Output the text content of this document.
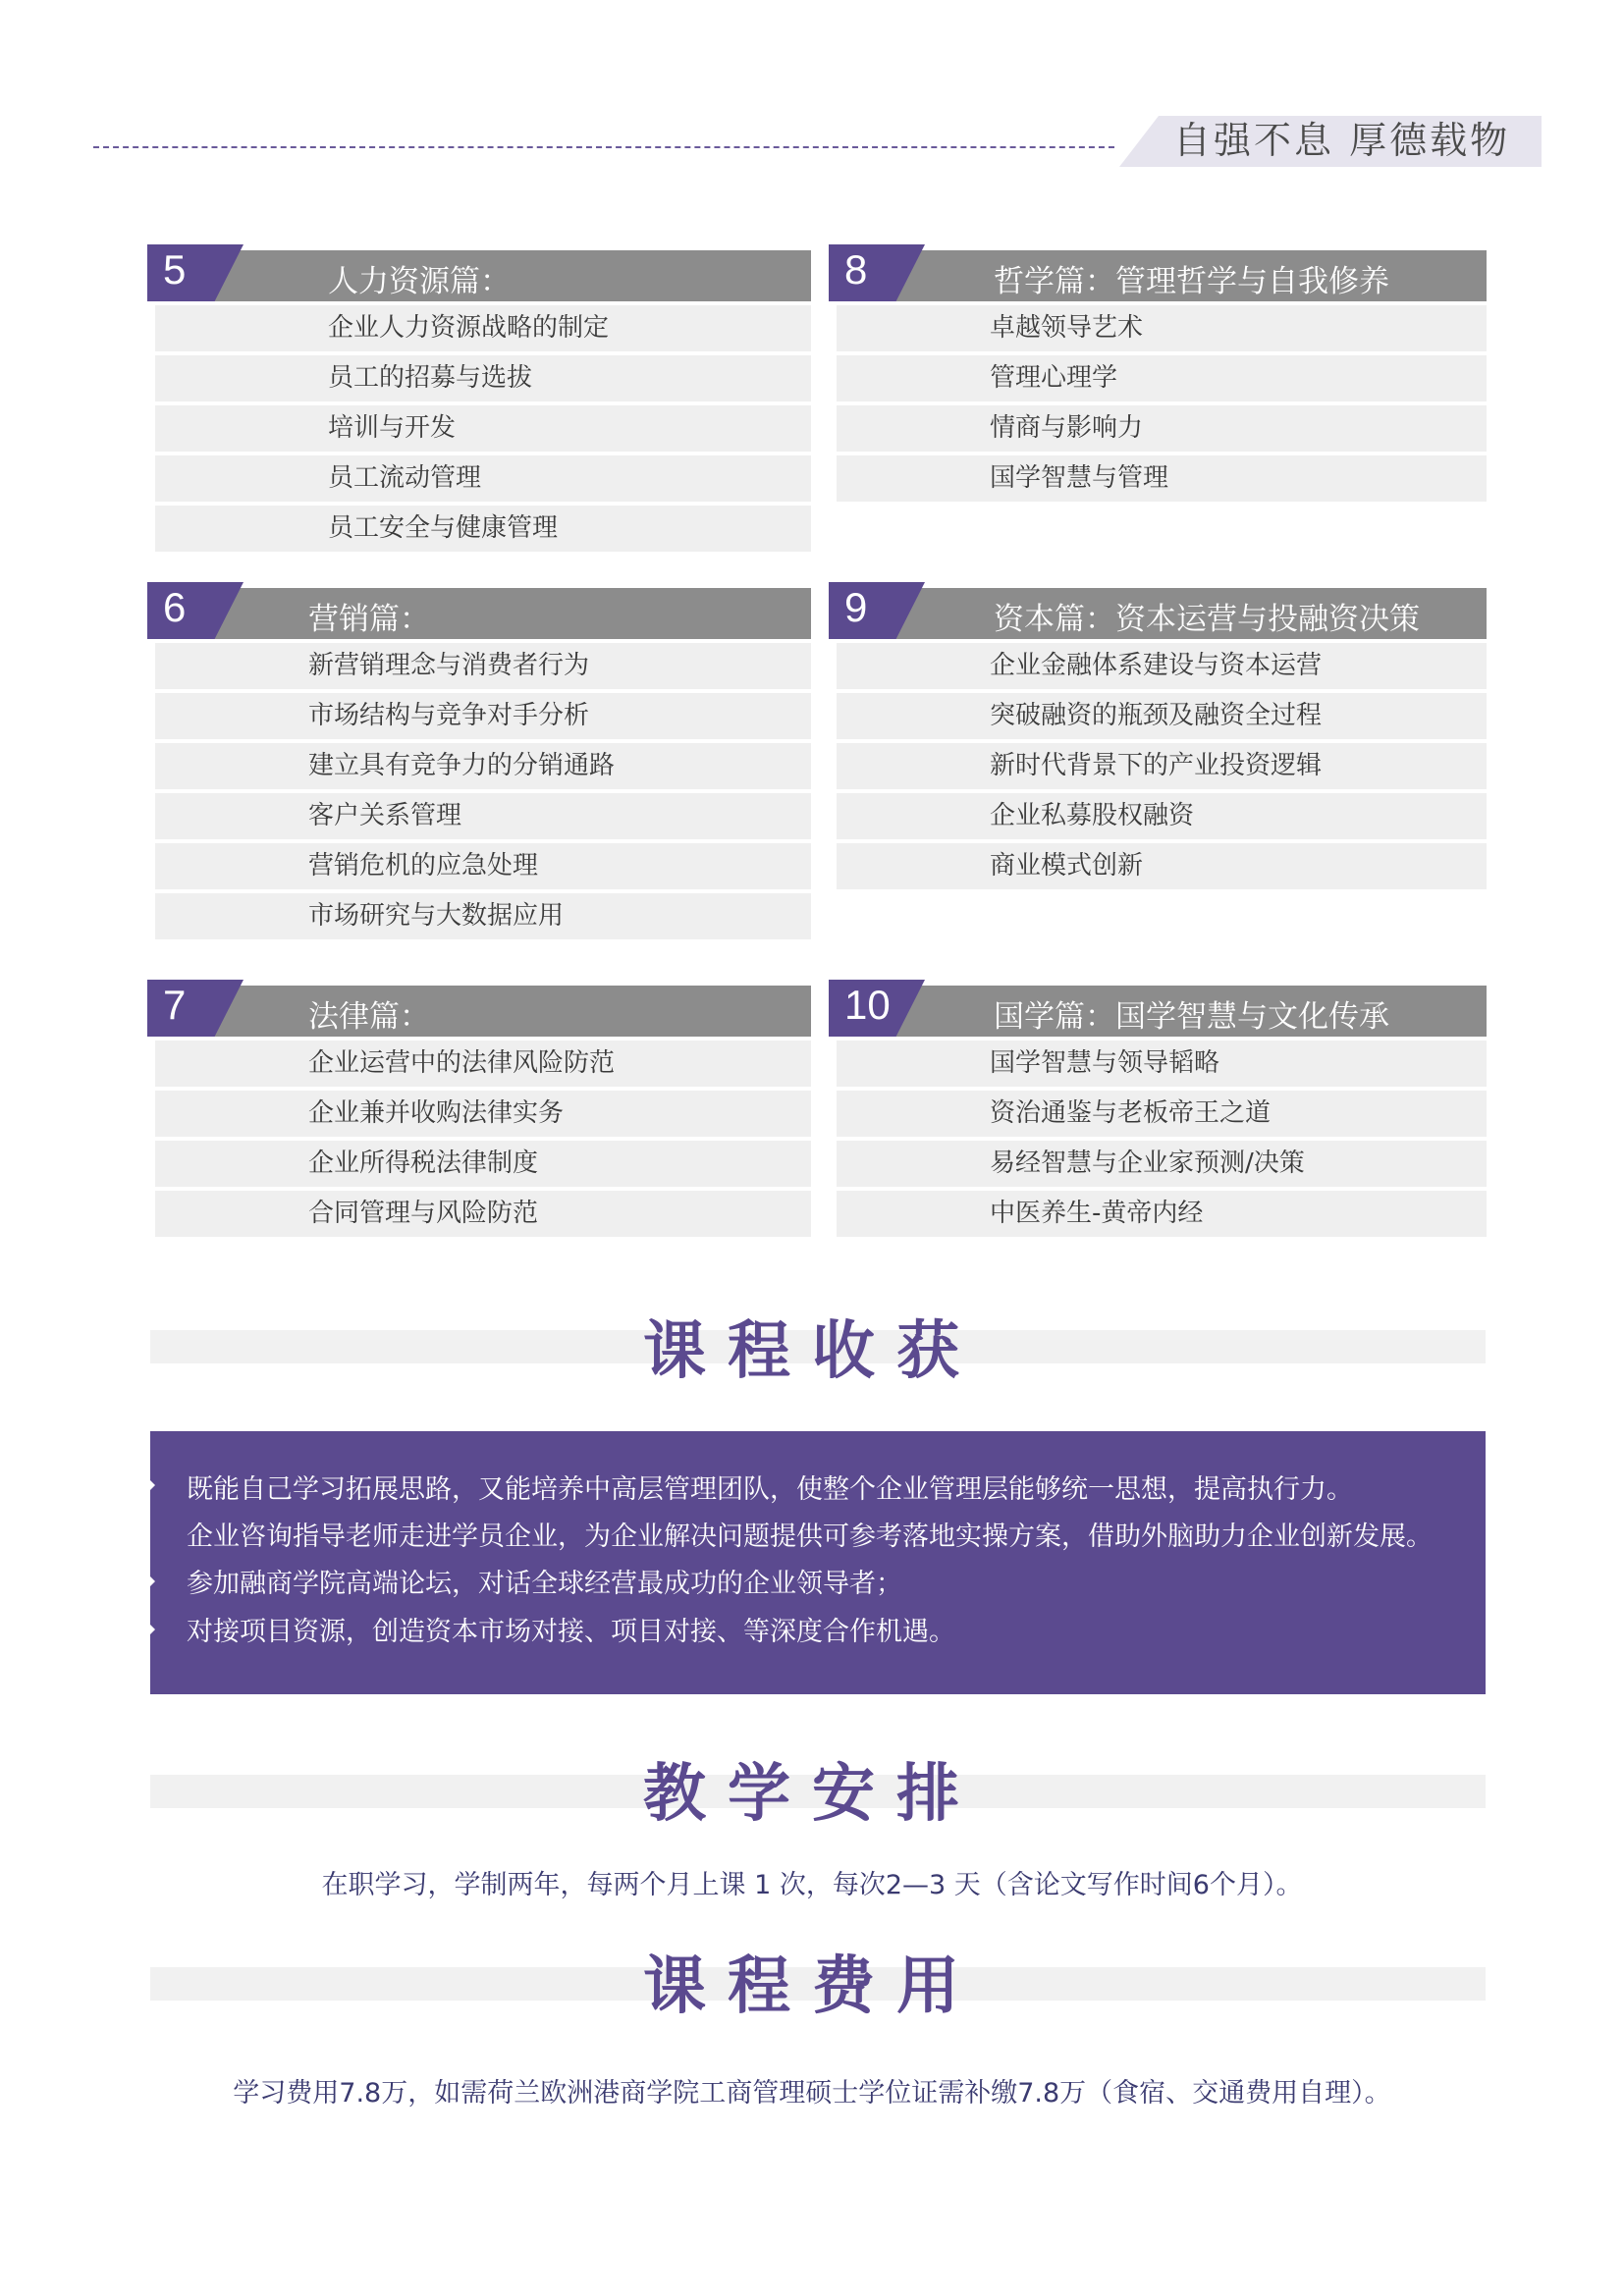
自强不息 厚德载物
5	人力资源篇：
企业人力资源战略的制定
员工的招募与选拔
培训与开发
员工流动管理
员工安全与健康管理
6	营销篇：
新营销理念与消费者行为
市场结构与竞争对手分析
建立具有竞争力的分销通路
客户关系管理
营销危机的应急处理
市场研究与大数据应用
7	法律篇：
企业运营中的法律风险防范
企业兼并收购法律实务
企业所得税法律制度
合同管理与风险防范
8	哲学篇：管理哲学与自我修养
卓越领导艺术
管理心理学
情商与影响力
国学智慧与管理
9	资本篇：资本运营与投融资决策
企业金融体系建设与资本运营
突破融资的瓶颈及融资全过程
新时代背景下的产业投资逻辑
企业私募股权融资
商业模式创新
10	国学篇：国学智慧与文化传承
国学智慧与领导韬略
资治通鉴与老板帝王之道
易经智慧与企业家预测/决策
中医养生-黄帝内经
课程收获
既能自己学习拓展思路，又能培养中高层管理团队，使整个企业管理层能够统一思想，提高执行力。
企业咨询指导老师走进学员企业，为企业解决问题提供可参考落地实操方案，借助外脑助力企业创新发展。
参加融商学院高端论坛，对话全球经营最成功的企业领导者；
对接项目资源，创造资本市场对接、项目对接、等深度合作机遇。
教学安排
在职学习，学制两年，每两个月上课 1 次，每次2—3 天（含论文写作时间6个月）。
课程费用
学习费用7.8万，如需荷兰欧洲港商学院工商管理硕士学位证需补缴7.8万（食宿、交通费用自理）。
